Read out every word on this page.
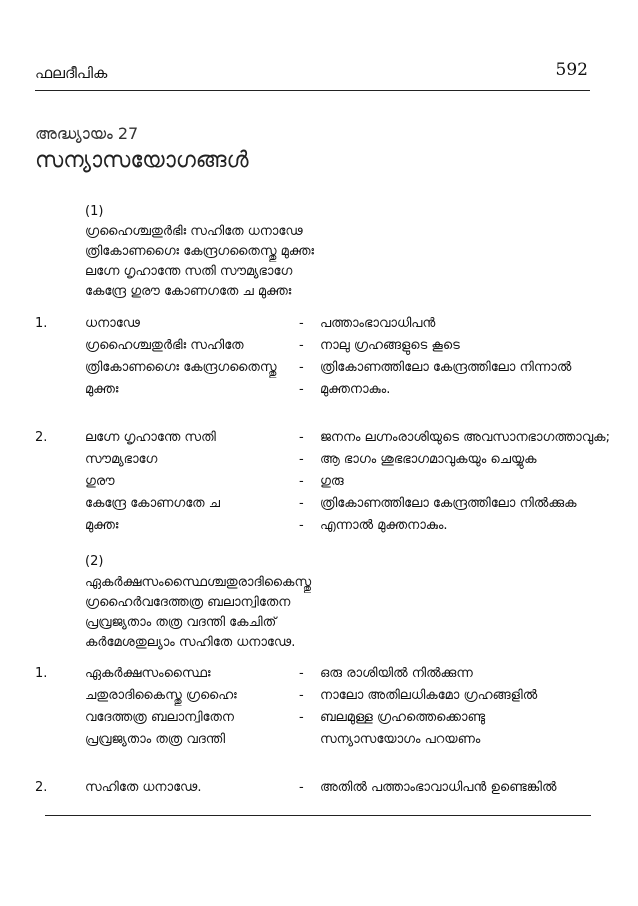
ഫലദീപിക	592
അദ്ധ്യായം 27
സന്യാസയോഗങ്ങൾ
(1)
ഗ്രഹൈശ്ചതുർഭിഃ സഹിതേ ധനാഢേ
ത്രികോണഗൈഃ കേന്ദ്രഗതൈസ്തു മുക്തഃ
ലഗ്നേ ഗൃഹാന്തേ സതി സൗമ്യഭാഗേ
കേന്ദ്രേ ഗുരൗ കോണഗതേ ച മുക്തഃ
1.	ധനാഢേ	- പത്താംഭാവാധിപൻ
ഗ്രഹൈശ്ചതുർഭിഃ സഹിതേ	- നാലു ഗ്രഹങ്ങളുടെ കൂടെ
ത്രികോണഗൈഃ കേന്ദ്രഗതൈസ്തു - ത്രികോണത്തിലോ കേന്ദ്രത്തിലോ നിന്നാൽ
മുക്തഃ	- മുക്തനാകും.
2.	ലഗ്നേ ഗൃഹാന്തേ സതി	- ജനനം ലഗ്നംരാശിയുടെ അവസാനഭാഗത്താവുക;
സൗമ്യഭാഗേ	- ആ ഭാഗം ശുഭഭാഗമാവുകയും ചെയ്യുക
ഗുരൗ	- ഗുരു
കേന്ദ്രേ കോണഗതേ ച	- ത്രികോണത്തിലോ കേന്ദ്രത്തിലോ നിൽക്കുക
മുക്തഃ	- എന്നാൽ മുക്തനാകും.
(2)
ഏകർക്ഷസംസ്ഥൈശ്ചതുരാദികൈസ്തു
ഗ്രഹൈർവദേത്തത്ര ബലാന്വിതേന
പ്രവ്രജ്യതാം തത്ര വദന്തി കേചിത്
കർമേശതുല്യാം സഹിതേ ധനാഢേ.
1.	ഏകർക്ഷസംസ്ഥൈഃ	- ഒരു രാശിയിൽ നിൽക്കുന്ന
ചതുരാദികൈസ്തു ഗ്രഹൈഃ	- നാലോ അതിലധികമോ ഗ്രഹങ്ങളിൽ
വദേത്തത്ര ബലാന്വിതേന	- ബലമുള്ള ഗ്രഹത്തെക്കൊണ്ടു
പ്രവ്രജ്യതാം തത്ര വദന്തി	സന്യാസയോഗം പറയണം
2.	സഹിതേ ധനാഢേ.	- അതിൽ പത്താംഭാവാധിപൻ ഉണ്ടെങ്കിൽ
